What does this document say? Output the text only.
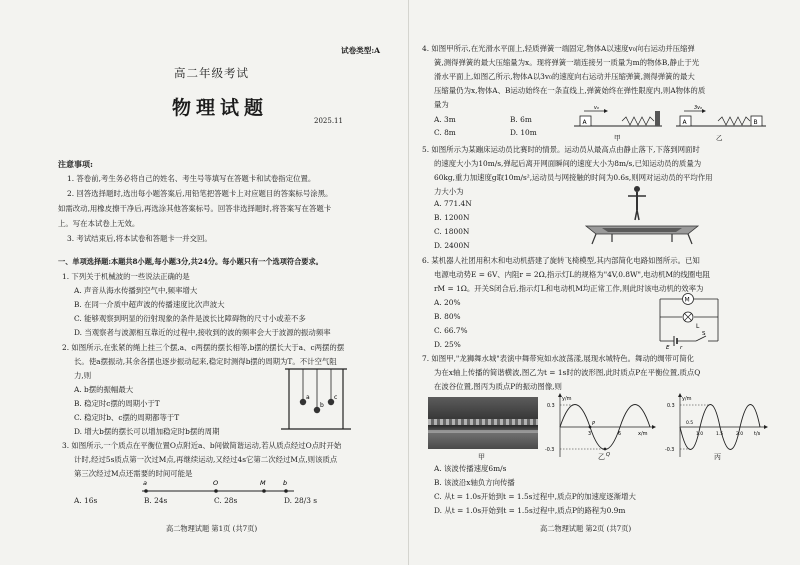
试卷类型:A
高二年级考试
物理试题
2025.11
注意事项:
1. 答卷前,考生务必将自己的姓名、考生号等填写在答题卡和试卷指定位置。
2. 回答选择题时,选出每小题答案后,用铅笔把答题卡上对应题目的答案标号涂黑。
如需改动,用橡皮擦干净后,再选涂其他答案标号。回答非选择题时,将答案写在答题卡
上。写在本试卷上无效。
3. 考试结束后,将本试卷和答题卡一并交回。
一、单项选择题:本题共8小题,每小题3分,共24分。每小题只有一个选项符合要求。
1. 下列关于机械波的一些说法正确的是
A. 声音从海水传播到空气中,频率增大
B. 在同一介质中超声波的传播速度比次声波大
C. 能够观察到明显的衍射现象的条件是波长比障碍物的尺寸小或差不多
D. 当观察者与波源相互靠近的过程中,接收到的波的频率会大于波源的振动频率
2. 如图所示,在张紧的绳上挂三个摆,a、c两摆的摆长相等,b摆的摆长大于a、c两摆的摆
长。使a摆振动,其余各摆也逐步振动起来,稳定时测得b摆的周期为T。不计空气阻
力,则
A. b摆的振幅最大
B. 稳定时c摆的周期小于T
C. 稳定时b、c摆的周期都等于T
D. 增大b摆的摆长可以增加稳定时b摆的周期
a
b
c
3. 如图所示,一个质点在平衡位置O点附近a、b间做简谐运动,若从质点经过O点时开始
计时,经过5s质点第一次过M点,再继续运动,又经过4s它第二次经过M点,则该质点
第三次经过M点还需要的时间可能是
a	O	M	b
A. 16s	B. 24s	C. 28s	D. 28/3 s
高二物理试题 第1页 (共7页)
4. 如图甲所示,在光滑水平面上,轻质弹簧一端固定,物体A以速度v₀向右运动并压缩弹
簧,测得弹簧的最大压缩量为x。现将弹簧一端连接另一质量为m的物体B,静止于光
滑水平面上,如图乙所示,物体A以3v₀的速度向右运动并压缩弹簧,测得弹簧的最大
压缩量仍为x,物体A、B运动始终在一条直线上,弹簧始终在弹性限度内,则A物体的质
量为
A. 3m	B. 6m
C. 8m	D. 10m
A
v₀
甲
A
3v₀
B
乙
5. 如图所示为某蹦床运动员比赛时的情景。运动员从最高点由静止落下,下落到网面时
的速度大小为10m/s,弹起后离开网面瞬间的速度大小为8m/s,已知运动员的质量为
60kg,重力加速度g取10m/s²,运动员与网接触的时间为0.6s,则网对运动员的平均作用
力大小为
A. 771.4N
B. 1200N
C. 1800N
D. 2400N
6. 某机器人社团用积木和电动机搭建了旋转飞椅模型,其内部简化电路如图所示。已知
电源电动势E = 6V、内阻r = 2Ω,指示灯L的规格为"4V,0.8W",电动机M的线圈电阻
rM = 1Ω。开关S闭合后,指示灯L和电动机M均正常工作,则此时该电动机的效率为
A. 20%
B. 80%
C. 66.7%
D. 25%
M
L
E r
S
7. 如图甲,"龙狮舞水城"表演中舞带宛如水波荡漾,展现水城特色。舞动的绸带可简化
为在x轴上传播的简谐横波,图乙为t = 1s时的波形图,此时质点P在平衡位置,质点Q
在波谷位置,图丙为质点P的振动图像,则
甲
y/m
x/m
0.3
-0.3
P
Q
3	6
乙
y/m
t/s
0.3
-0.3
0.5
1.0	1.5	2.0
丙
A. 该波传播速度6m/s
B. 该波沿x轴负方向传播
C. 从t = 1.0s开始到t = 1.5s过程中,质点P的加速度逐渐增大
D. 从t = 1.0s开始到t = 1.5s过程中,质点P的路程为0.9m
高二物理试题 第2页 (共7页)
